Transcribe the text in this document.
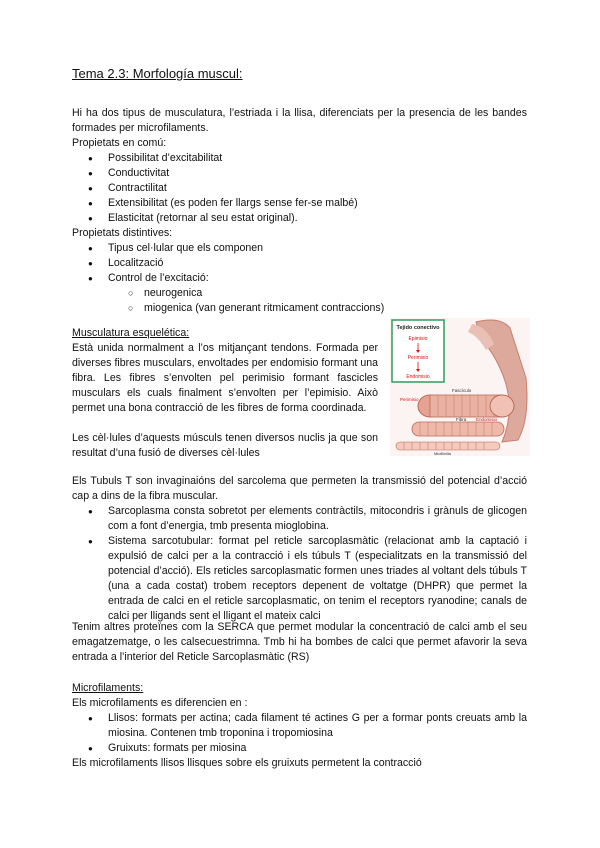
Tema 2.3: Morfología muscul:
Hi ha dos tipus de musculatura, l’estriada i la llisa, diferenciats per la presencia de les bandes formades per microfilaments.
Propietats en comú:
● Possibilitat d’excitabilitat
● Conductivitat
● Contractilitat
● Extensibilitat (es poden fer llargs sense fer-se malbé)
● Elasticitat (retornar al seu estat original).
Propietats distintives:
● Tipus cel·lular que els componen
● Localització
● Control de l’excitació:
○ neurogenica
○ miogenica (van generant ritmicament contraccions)
Musculatura esquelética:
Està unida normalment a l’os mitjançant tendons. Formada per diverses fibres musculars, envoltades per endomisio formant una fibra. Les fibres s’envolten pel perimisio formant fascicles musculars els cuals finalment s’envolten per l’epimisio. Això permet una bona contracció de les fibres de forma coordinada.
Les cèl·lules d’aquests músculs tenen diversos nuclis ja que son resultat d’una fusió de diverses cèl·lules
Els Tubuls T son invaginaións del sarcolema que permeten la transmissió del potencial d’acció cap a dins de la fibra muscular.
● Sarcoplasma consta sobretot per elements contràctils, mitocondris i grànuls de glicogen com a font d’energia, tmb presenta mioglobina.
● Sistema sarcotubular: format pel reticle sarcoplasmàtic (relacionat amb la captació i expulsió de calci per a la contracció i els túbuls T (especialitzats en la transmissió del potencial d’acció). Els reticles sarcoplasmatic formen unes triades al voltant dels túbuls T (una a cada costat) trobem receptors depenent de voltatge (DHPR) que permet la entrada de calci en el reticle sarcoplasmatic, on tenim el receptors ryanodine; canals de calci per lligands sent el lligant el mateix calci
Tenim altres proteïnes com la SERCA que permet modular la concentració de calci amb el seu emagatzematge, o les calsecuestrimna. Tmb hi ha bombes de calci que permet afavorir la seva entrada a l’interior del Reticle Sarcoplasmàtic (RS)
Microfilaments:
Els microfilaments es diferencien en :
● Llisos: formats per actina; cada filament té actines G per a formar ponts creuats amb la miosina. Contenen tmb troponina i tropomiosina
● Gruixuts: formats per miosina
Els microfilaments llisos llisques sobre els gruixuts permetent la contracció
Tejido conectivo
Epimisio
Perimisio
Endomisio
Perimisio
Fascículo
Fibra Endomisio
Miofibrilla
